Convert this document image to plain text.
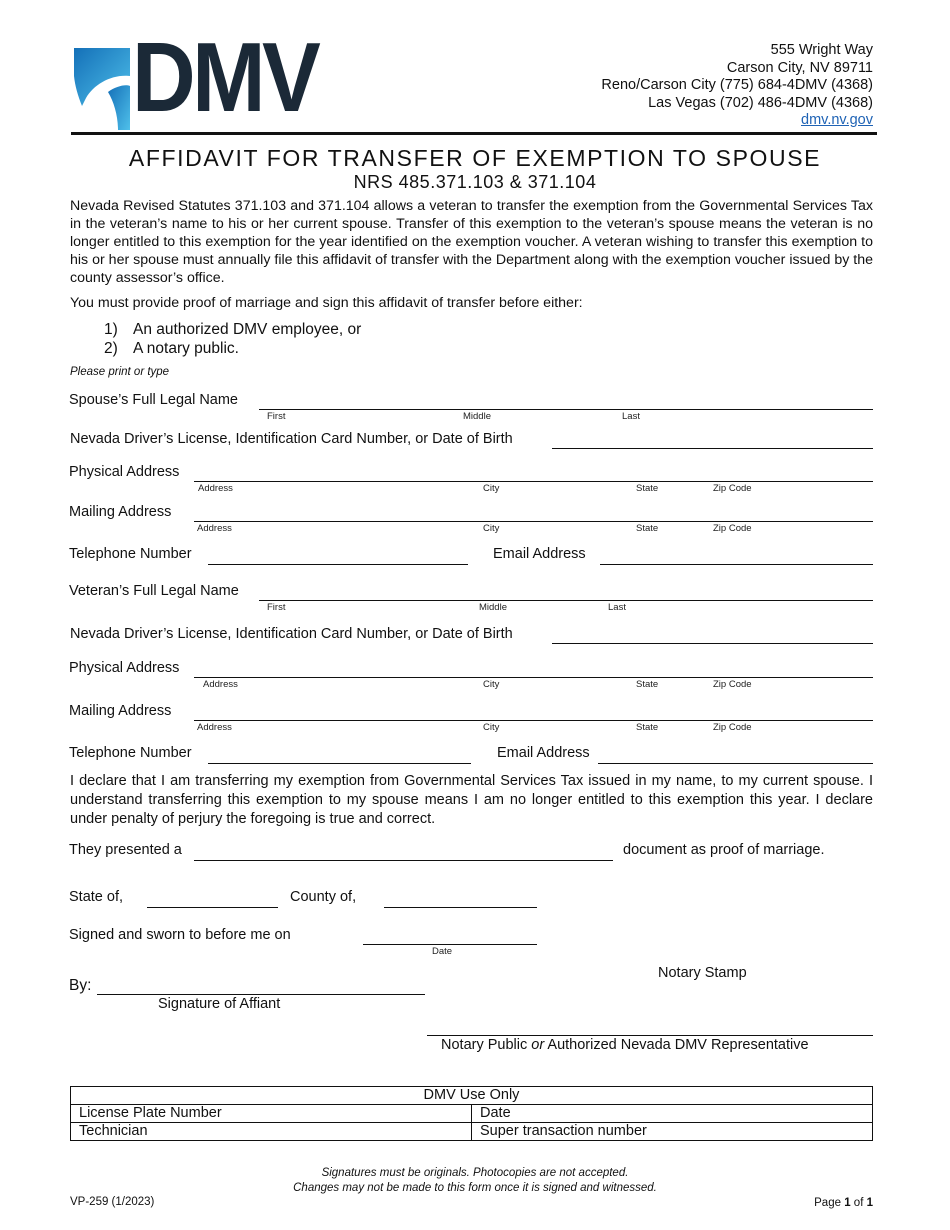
DMV	555 Wright Way
Carson City, NV 89711
Reno/Carson City (775) 684-4DMV (4368)
Las Vegas (702) 486-4DMV (4368)
dmv.nv.gov
AFFIDAVIT FOR TRANSFER OF EXEMPTION TO SPOUSE
NRS 485.371.103 & 371.104
Nevada Revised Statutes 371.103 and 371.104 allows a veteran to transfer the exemption from the Governmental Services Tax in the veteran’s name to his or her current spouse. Transfer of this exemption to the veteran’s spouse means the veteran is no longer entitled to this exemption for the year identified on the exemption voucher. A veteran wishing to transfer this exemption to his or her spouse must annually file this affidavit of transfer with the Department along with the exemption voucher issued by the county assessor’s office.
You must provide proof of marriage and sign this affidavit of transfer before either:
1) An authorized DMV employee, or
2) A notary public.
Please print or type
Spouse’s Full Legal Name
First	Middle	Last
Nevada Driver’s License, Identification Card Number, or Date of Birth
Physical Address
Address	City	State	Zip Code
Mailing Address
Address	City	State	Zip Code
Telephone Number	Email Address
Veteran’s Full Legal Name
First	Middle	Last
Nevada Driver’s License, Identification Card Number, or Date of Birth
Physical Address
Address	City	State	Zip Code
Mailing Address
Address	City	State	Zip Code
Telephone Number	Email Address
I declare that I am transferring my exemption from Governmental Services Tax issued in my name, to my current spouse. I understand transferring this exemption to my spouse means I am no longer entitled to this exemption this year. I declare under penalty of perjury the foregoing is true and correct.
They presented a	document as proof of marriage.
State of,	County of,
Signed and sworn to before me on
Date
Notary Stamp
By:
Signature of Affiant
Notary Public or Authorized Nevada DMV Representative
DMV Use Only	
License Plate Number	Date
Technician	Super transaction number
Signatures must be originals. Photocopies are not accepted.
Changes may not be made to this form once it is signed and witnessed.
VP-259 (1/2023)	Page 1 of 1
